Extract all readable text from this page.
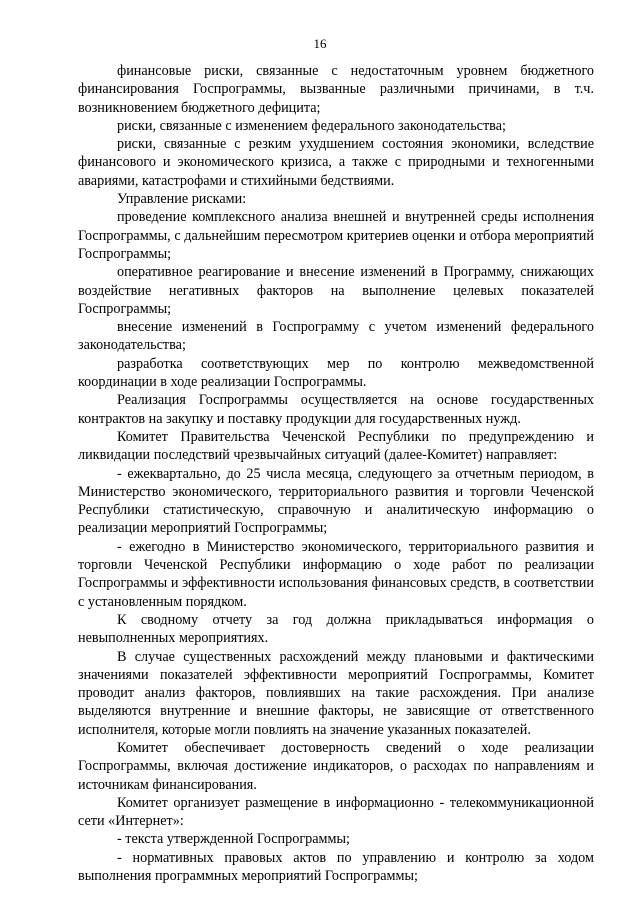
16

финансовые риски, связанные с недостаточным уровнем бюджетного финансирования Госпрограммы, вызванные различными причинами, в т.ч. возникновением бюджетного дефицита;

риски, связанные с изменением федерального законодательства;

риски, связанные с резким ухудшением состояния экономики, вследствие финансового и экономического кризиса, а также с природными и техногенными авариями, катастрофами и стихийными бедствиями.

Управление рисками:

проведение комплексного анализа внешней и внутренней среды исполнения Госпрограммы, с дальнейшим пересмотром критериев оценки и отбора мероприятий Госпрограммы;

оперативное реагирование и внесение изменений в Программу, снижающих воздействие негативных факторов на выполнение целевых показателей Госпрограммы;

внесение изменений в Госпрограмму с учетом изменений федерального законодательства;

разработка соответствующих мер по контролю межведомственной координации в ходе реализации Госпрограммы.

Реализация Госпрограммы осуществляется на основе государственных контрактов на закупку и поставку продукции для государственных нужд.

Комитет Правительства Чеченской Республики по предупреждению и ликвидации последствий чрезвычайных ситуаций (далее-Комитет) направляет:

- ежеквартально, до 25 числа месяца, следующего за отчетным периодом, в Министерство экономического, территориального развития и торговли Чеченской Республики статистическую, справочную и аналитическую информацию о реализации мероприятий Госпрограммы;

- ежегодно в Министерство экономического, территориального развития и торговли Чеченской Республики информацию о ходе работ по реализации Госпрограммы и эффективности использования финансовых средств, в соответствии с установленным порядком.

К сводному отчету за год должна прикладываться информация о невыполненных мероприятиях.

В случае существенных расхождений между плановыми и фактическими значениями показателей эффективности мероприятий Госпрограммы, Комитет проводит анализ факторов, повлиявших на такие расхождения. При анализе выделяются внутренние и внешние факторы, не зависящие от ответственного исполнителя, которые могли повлиять на значение указанных показателей.

Комитет обеспечивает достоверность сведений о ходе реализации Госпрограммы, включая достижение индикаторов, о расходах по направлениям и источникам финансирования.

Комитет организует размещение в информационно - телекоммуникационной сети «Интернет»:

- текста утвержденной Госпрограммы;

- нормативных правовых актов по управлению и контролю за ходом выполнения программных мероприятий Госпрограммы;
